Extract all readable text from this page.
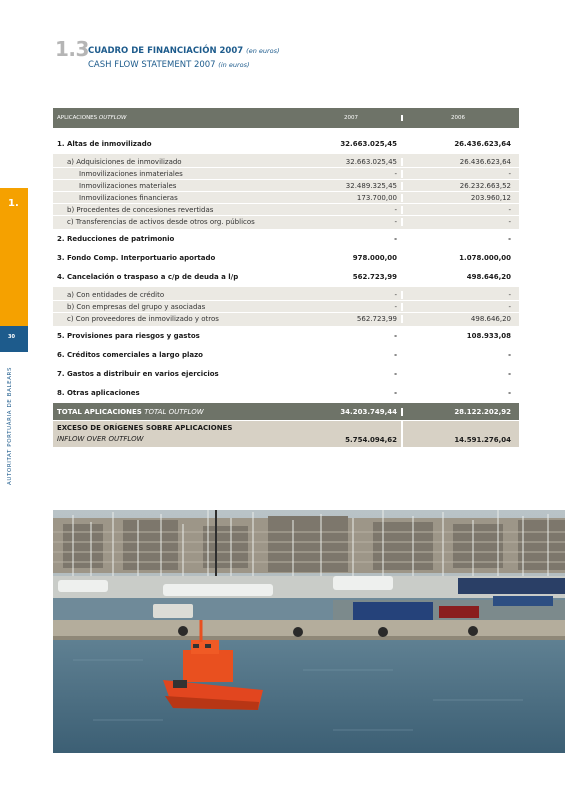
1.3 CUADRO DE FINANCIACIÓN 2007 (en euros)
CASH FLOW STATEMENT 2007 (in euros)
1.
30
AUTORITAT PORTUÀRIA DE BALEARS
APLICACIONES OUTFLOW	2007	2006
1. Altas de inmovilizado	32.663.025,45	26.436.623,64
a) Adquisiciones de inmovilizado	32.663.025,45	26.436.623,64
Inmovilizaciones inmateriales	-	-
Inmovilizaciones materiales	32.489.325,45	26.232.663,52
Inmovilizaciones financieras	173.700,00	203.960,12
b) Procedentes de concesiones revertidas	-	-
c) Transferencias de activos desde otros org. públicos	-	-
2. Reducciones de patrimonio	-	-
3. Fondo Comp. Interportuario aportado	978.000,00	1.078.000,00
4. Cancelación o traspaso a c/p de deuda a l/p	562.723,99	498.646,20
a) Con entidades de crédito	-	-
b) Con empresas del grupo y asociadas	-	-
c) Con proveedores de inmovilizado y otros	562.723,99	498.646,20
5. Provisiones para riesgos y gastos	-	108.933,08
6. Créditos comerciales a largo plazo	-	-
7. Gastos a distribuir en varios ejercicios	-	-
8. Otras aplicaciones	-	-
TOTAL APLICACIONES TOTAL OUTFLOW	34.203.749,44	28.122.202,92
EXCESO DE ORÍGENES SOBRE APLICACIONES
INFLOW OVER OUTFLOW	5.754.094,62	14.591.276,04
